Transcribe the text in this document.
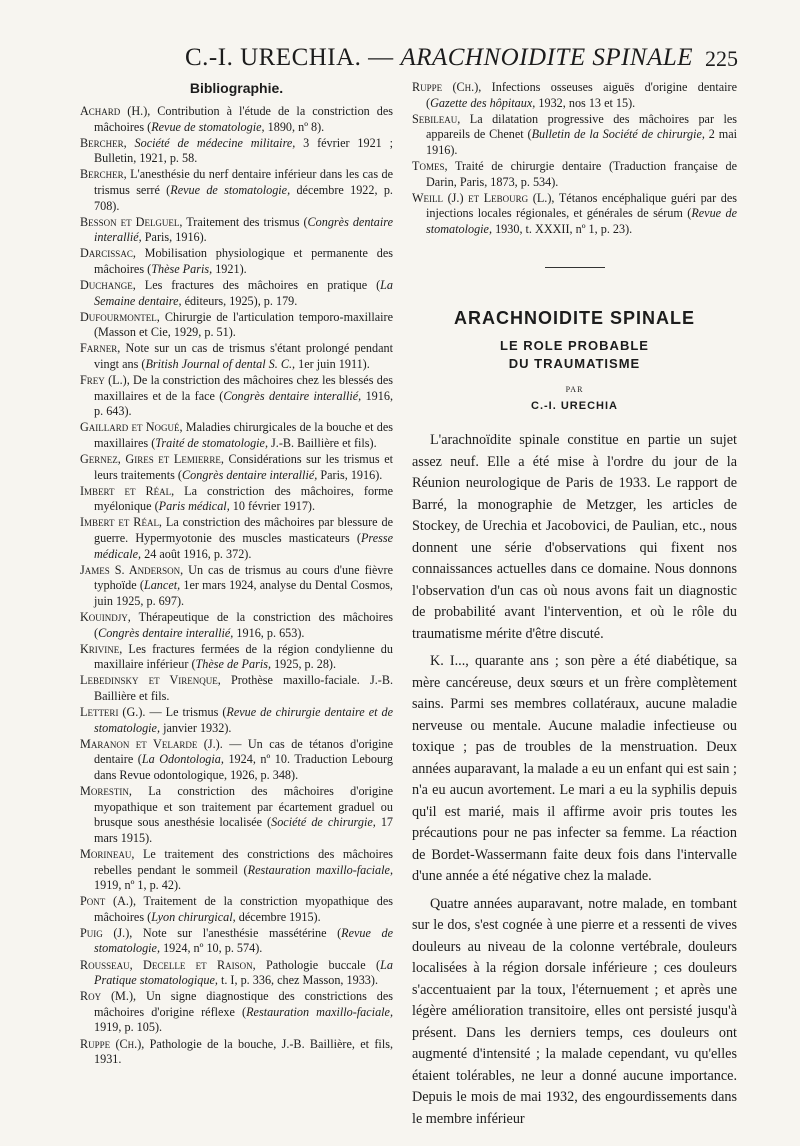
C.-I. URECHIA. — ARACHNOIDITE SPINALE 225
Bibliographie.

Achard (H.), Contribution à l'étude de la constriction des mâchoires (Revue de stomatologie, 1890, nº 8).

Bercher, Société de médecine militaire, 3 février 1921 ; Bulletin, 1921, p. 58.

Bercher, L'anesthésie du nerf dentaire inférieur dans les cas de trismus serré (Revue de stomatologie, décembre 1922, p. 708).

Besson et Delguel, Traitement des trismus (Congrès dentaire interallié, Paris, 1916).

Darcissac, Mobilisation physiologique et permanente des mâchoires (Thèse Paris, 1921).

Duchange, Les fractures des mâchoires en pratique (La Semaine dentaire, éditeurs, 1925), p. 179.

Dufourmontel, Chirurgie de l'articulation temporo-maxillaire (Masson et Cie, 1929, p. 51).

Farner, Note sur un cas de trismus s'étant prolongé pendant vingt ans (British Journal of dental S. C., 1er juin 1911).

Frey (L.), De la constriction des mâchoires chez les blessés des maxillaires et de la face (Congrès dentaire interallié, 1916, p. 643).

Gaillard et Nogué, Maladies chirurgicales de la bouche et des maxillaires (Traité de stomatologie, J.-B. Baillière et fils).

Gernez, Gires et Lemierre, Considérations sur les trismus et leurs traitements (Congrès dentaire interallié, Paris, 1916).

Imbert et Réal, La constriction des mâchoires, forme myélonique (Paris médical, 10 février 1917).

Imbert et Réal, La constriction des mâchoires par blessure de guerre. Hypermyotonie des muscles masticateurs (Presse médicale, 24 août 1916, p. 372).

James S. Anderson, Un cas de trismus au cours d'une fièvre typhoïde (Lancet, 1er mars 1924, analyse du Dental Cosmos, juin 1925, p. 697).

Kouindjy, Thérapeutique de la constriction des mâchoires (Congrès dentaire interallié, 1916, p. 653).

Krivine, Les fractures fermées de la région condylienne du maxillaire inférieur (Thèse de Paris, 1925, p. 28).

Lebedinsky et Virenque, Prothèse maxillo-faciale. J.-B. Baillière et fils.

Letteri (G.). — Le trismus (Revue de chirurgie dentaire et de stomatologie, janvier 1932).

Maranon et Velarde (J.). — Un cas de tétanos d'origine dentaire (La Odontologia, 1924, nº 10. Traduction Lebourg dans Revue odontologique, 1926, p. 348).

Morestin, La constriction des mâchoires d'origine myopathique et son traitement par écartement graduel ou brusque sous anesthésie localisée (Société de chirurgie, 17 mars 1915).

Morineau, Le traitement des constrictions des mâchoires rebelles pendant le sommeil (Restauration maxillo-faciale, 1919, nº 1, p. 42).

Pont (A.), Traitement de la constriction myopathique des mâchoires (Lyon chirurgical, décembre 1915).

Puig (J.), Note sur l'anesthésie massétérine (Revue de stomatologie, 1924, nº 10, p. 574).

Rousseau, Decelle et Raison, Pathologie buccale (La Pratique stomatologique, t. I, p. 336, chez Masson, 1933).

Roy (M.), Un signe diagnostique des constrictions des mâchoires d'origine réflexe (Restauration maxillo-faciale, 1919, p. 105).

Ruppe (Ch.), Pathologie de la bouche, J.-B. Baillière, et fils, 1931.

Ruppe (Ch.), Infections osseuses aiguës d'origine dentaire (Gazette des hôpitaux, 1932, nos 13 et 15).

Sebileau, La dilatation progressive des mâchoires par les appareils de Chenet (Bulletin de la Société de chirurgie, 2 mai 1916).

Tomes, Traité de chirurgie dentaire (Traduction française de Darin, Paris, 1873, p. 534).

Weill (J.) et Lebourg (L.), Tétanos encéphalique guéri par des injections locales régionales, et générales de sérum (Revue de stomatologie, 1930, t. XXXII, nº 1, p. 23).

ARACHNOIDITE SPINALE
LE ROLE PROBABLE
DU TRAUMATISME
PAR
C.-I. URECHIA

L'arachnoïdite spinale constitue en partie un sujet assez neuf. Elle a été mise à l'ordre du jour de la Réunion neurologique de Paris de 1933. Le rapport de Barré, la monographie de Metzger, les articles de Stockey, de Urechia et Jacobovici, de Paulian, etc., nous donnent une série d'observations qui fixent nos connaissances actuelles dans ce domaine. Nous donnons l'observation d'un cas où nous avons fait un diagnostic de probabilité avant l'intervention, et où le rôle du traumatisme mérite d'être discuté.

K. I..., quarante ans ; son père a été diabétique, sa mère cancéreuse, deux sœurs et un frère complètement sains. Parmi ses membres collatéraux, aucune maladie nerveuse ou mentale. Aucune maladie infectieuse ou toxique ; pas de troubles de la menstruation. Deux années auparavant, la malade a eu un enfant qui est sain ; n'a eu aucun avortement. Le mari a eu la syphilis depuis qu'il est marié, mais il affirme avoir pris toutes les précautions pour ne pas infecter sa femme. La réaction de Bordet-Wassermann faite deux fois dans l'intervalle d'une année a été négative chez la malade.

Quatre années auparavant, notre malade, en tombant sur le dos, s'est cognée à une pierre et a ressenti de vives douleurs au niveau de la colonne vertébrale, douleurs localisées à la région dorsale inférieure ; ces douleurs s'accentuaient par la toux, l'éternuement ; et après une légère amélioration transitoire, elles ont persisté jusqu'à présent. Dans les derniers temps, ces douleurs ont augmenté d'intensité ; la malade cependant, vu qu'elles étaient tolérables, ne leur a donné aucune importance. Depuis le mois de mai 1932, des engourdissements dans le membre inférieur
